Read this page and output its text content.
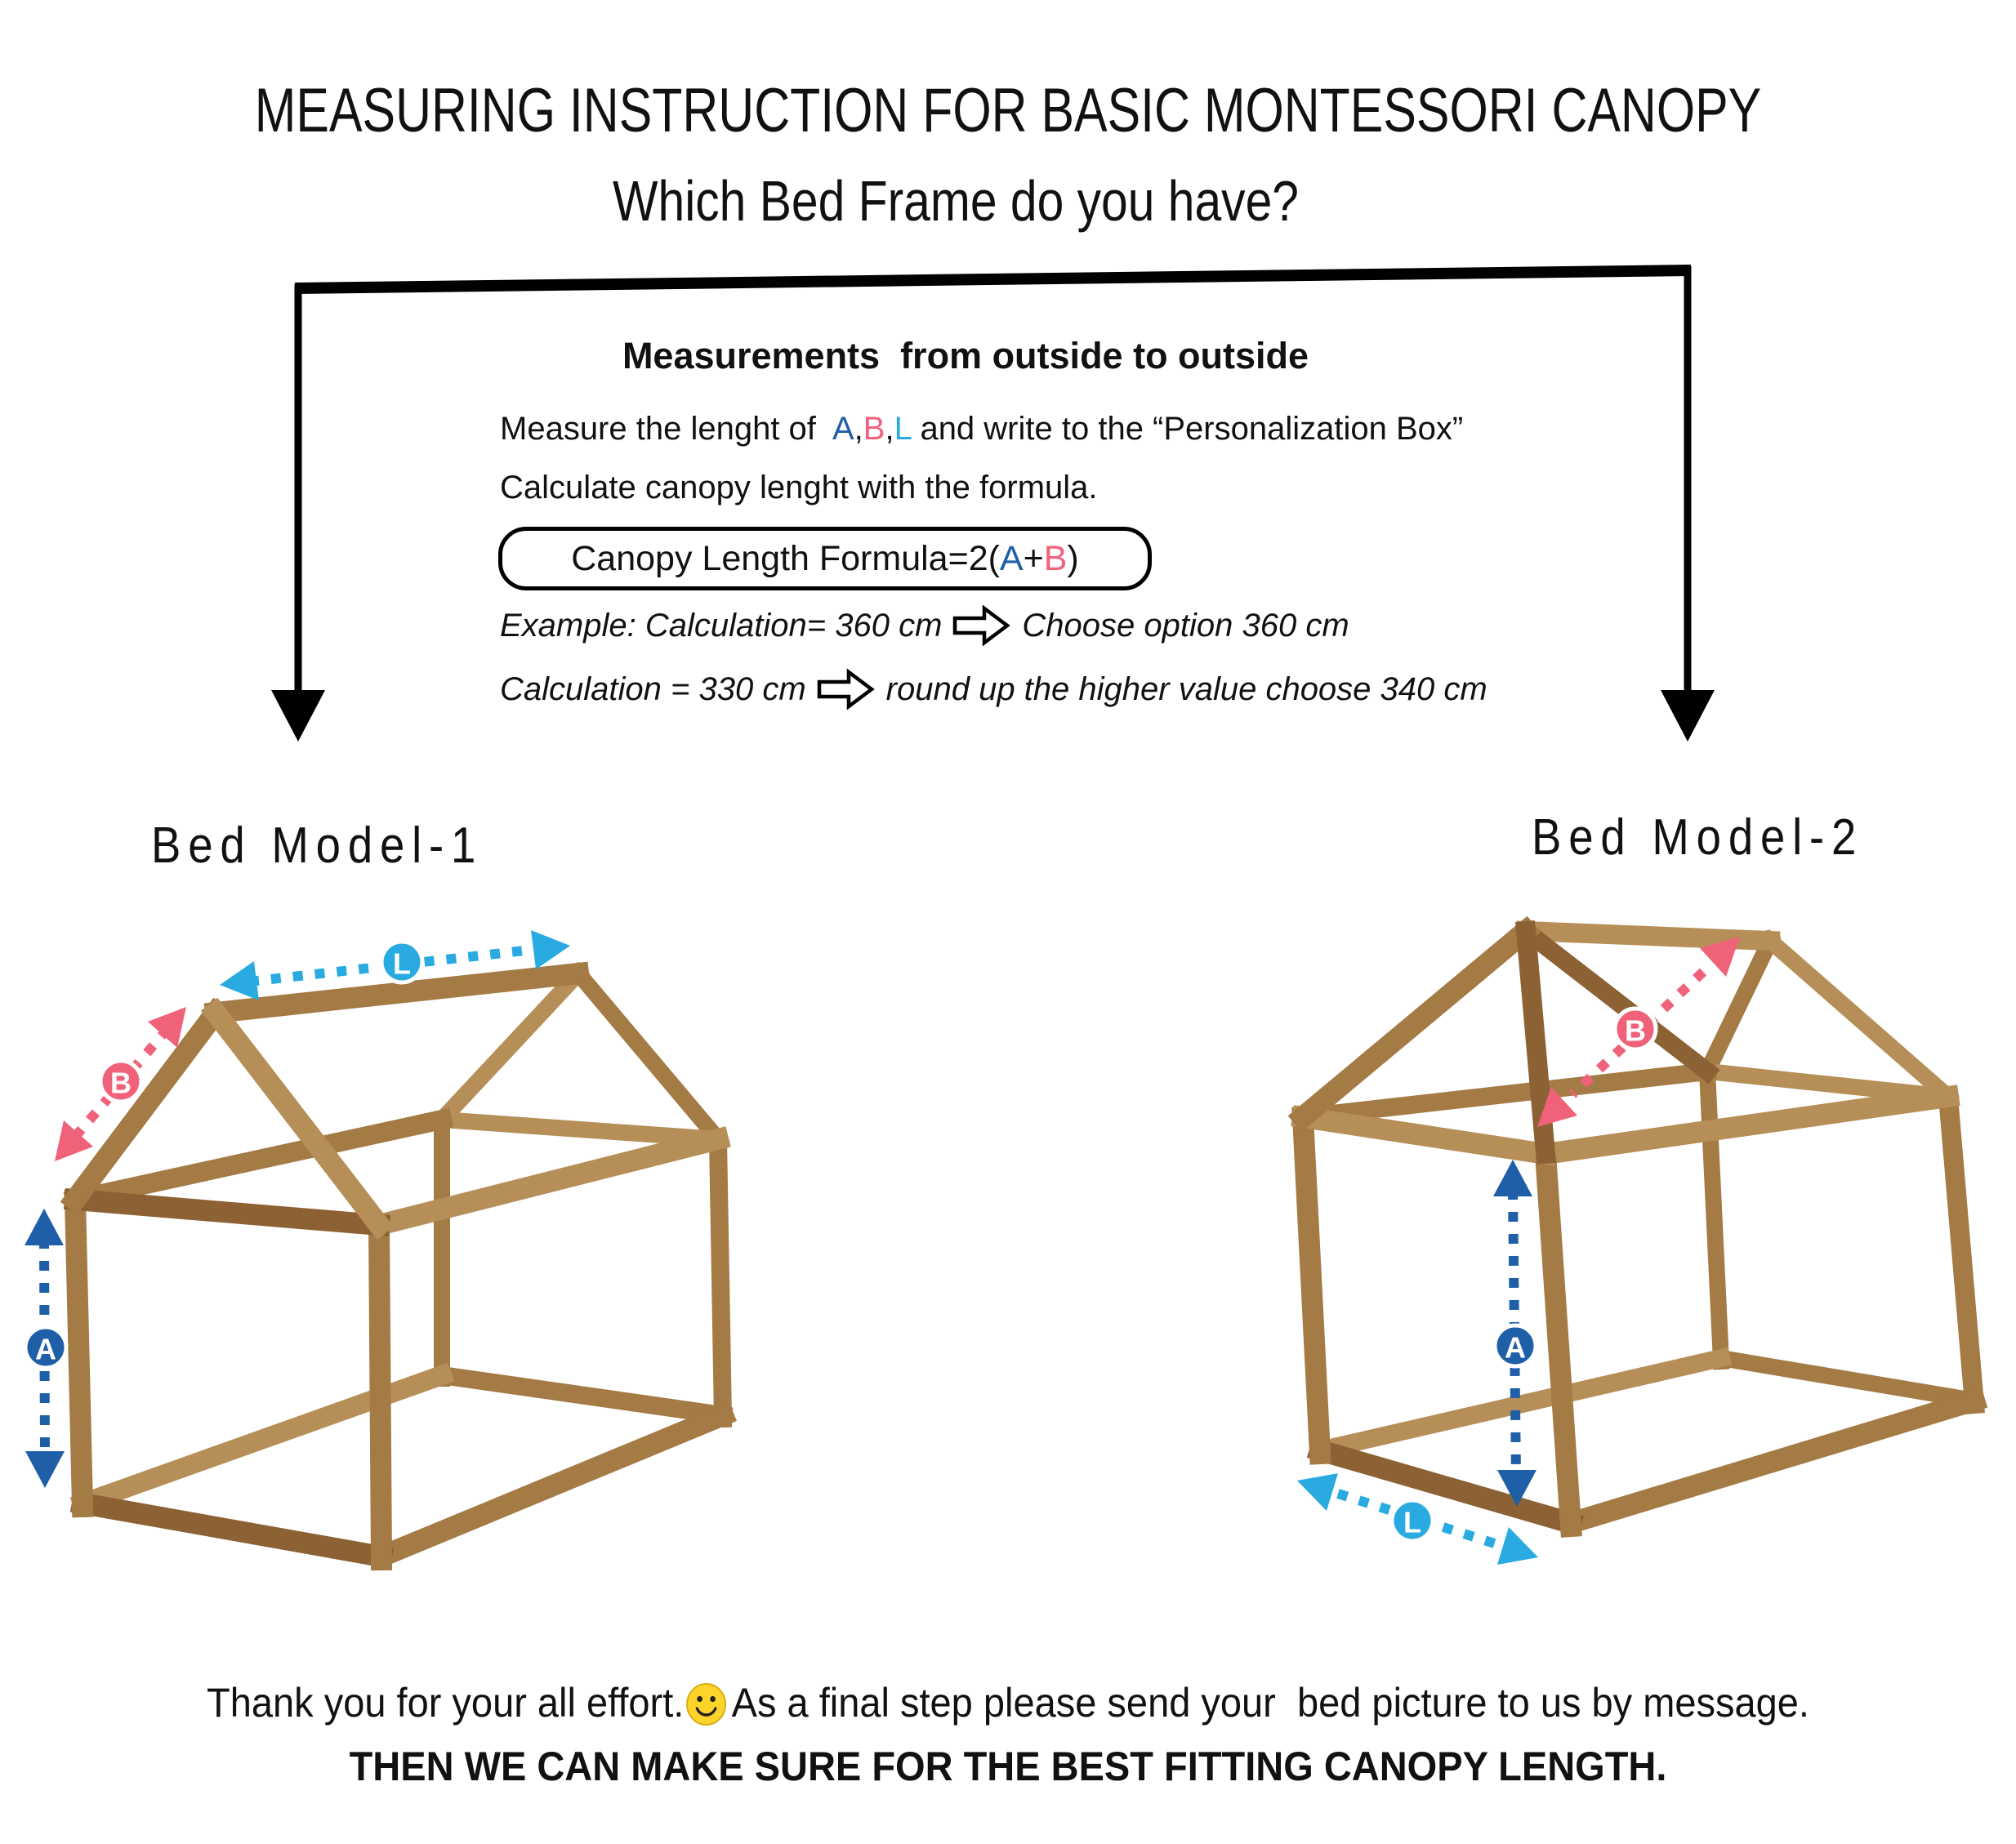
L
B
A
B
A
L
MEASURING INSTRUCTION FOR BASIC MONTESSORI CANOPY
Which Bed Frame do you have?
Measurements  from outside to outside
Measure the lenght of  A,B,L and write to the “Personalization Box”
Calculate canopy lenght with the formula.
Canopy Length Formula=2( A + B )
Example: Calculation= 360 cm Choose option 360 cm
Calculation = 330 cm round up the higher value choose 340 cm
Bed Model-1	Bed Model-2
Thank you for your all effort. As a final step please send your  bed picture to us by message.
THEN WE CAN MAKE SURE FOR THE BEST FITTING CANOPY LENGTH.
